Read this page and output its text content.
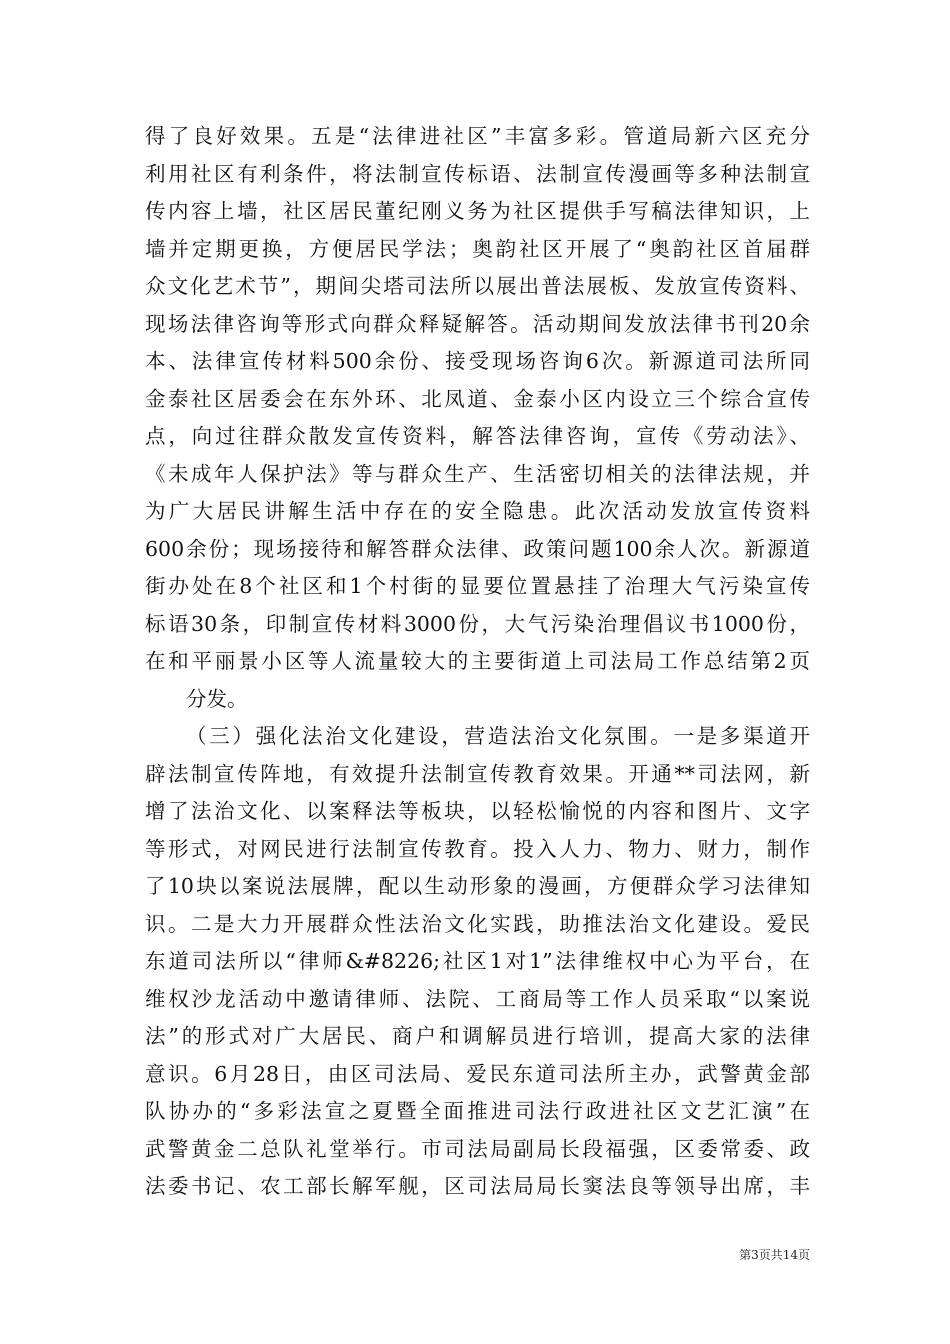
得了良好效果。五是“法律进社区”丰富多彩。管道局新六区充分
利用社区有利条件，将法制宣传标语、法制宣传漫画等多种法制宣
传内容上墙，社区居民董纪刚义务为社区提供手写稿法律知识，上
墙并定期更换，方便居民学法；奥韵社区开展了“奥韵社区首届群
众文化艺术节”，期间尖塔司法所以展出普法展板、发放宣传资料、
现场法律咨询等形式向群众释疑解答。活动期间发放法律书刊20余
本、法律宣传材料500余份、接受现场咨询6次。新源道司法所同
金泰社区居委会在东外环、北凤道、金泰小区内设立三个综合宣传
点，向过往群众散发宣传资料，解答法律咨询，宣传《劳动法》、
《未成年人保护法》等与群众生产、生活密切相关的法律法规，并
为广大居民讲解生活中存在的安全隐患。此次活动发放宣传资料
600余份；现场接待和解答群众法律、政策问题100余人次。新源道
街办处在8个社区和1个村街的显要位置悬挂了治理大气污染宣传
标语30条，印制宣传材料3000份，大气污染治理倡议书1000份，
在和平丽景小区等人流量较大的主要街道上司法局工作总结第2页
分发。
（三）强化法治文化建设，营造法治文化氛围。一是多渠道开
辟法制宣传阵地，有效提升法制宣传教育效果。开通**司法网，新
增了法治文化、以案释法等板块，以轻松愉悦的内容和图片、文字
等形式，对网民进行法制宣传教育。投入人力、物力、财力，制作
了10块以案说法展牌，配以生动形象的漫画，方便群众学习法律知
识。二是大力开展群众性法治文化实践，助推法治文化建设。爱民
东道司法所以“律师&#8226;社区1对1”法律维权中心为平台，在
维权沙龙活动中邀请律师、法院、工商局等工作人员采取“以案说
法”的形式对广大居民、商户和调解员进行培训，提高大家的法律
意识。6月28日，由区司法局、爱民东道司法所主办，武警黄金部
队协办的“多彩法宣之夏暨全面推进司法行政进社区文艺汇演”在
武警黄金二总队礼堂举行。市司法局副局长段福强，区委常委、政
法委书记、农工部长解军舰，区司法局局长窦法良等领导出席，丰
第3页共14页
